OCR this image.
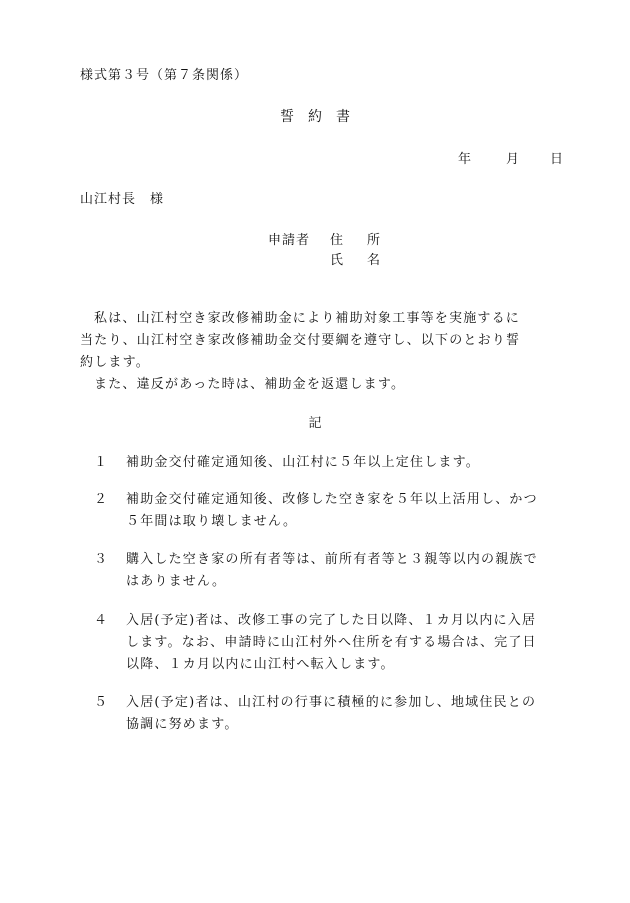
様式第３号（第７条関係）
誓約書
年	月 日
山江村長　様
申請者 住所
氏名

私は、山江村空き家改修補助金により補助対象工事等を実施するに

当たり、山江村空き家改修補助金交付要綱を遵守し、以下のとおり誓

約します。

また、違反があった時は、補助金を返還します。

記
１ 補助金交付確定通知後、山江村に５年以上定住します。
２ 補助金交付確定通知後、改修した空き家を５年以上活用し、かつ
５年間は取り壊しません。
３ 購入した空き家の所有者等は、前所有者等と３親等以内の親族で
はありません。
４ 入居(予定)者は、改修工事の完了した日以降、１カ月以内に入居
します。なお、申請時に山江村外へ住所を有する場合は、完了日
以降、１カ月以内に山江村へ転入します。
５ 入居(予定)者は、山江村の行事に積極的に参加し、地域住民との
協調に努めます。
